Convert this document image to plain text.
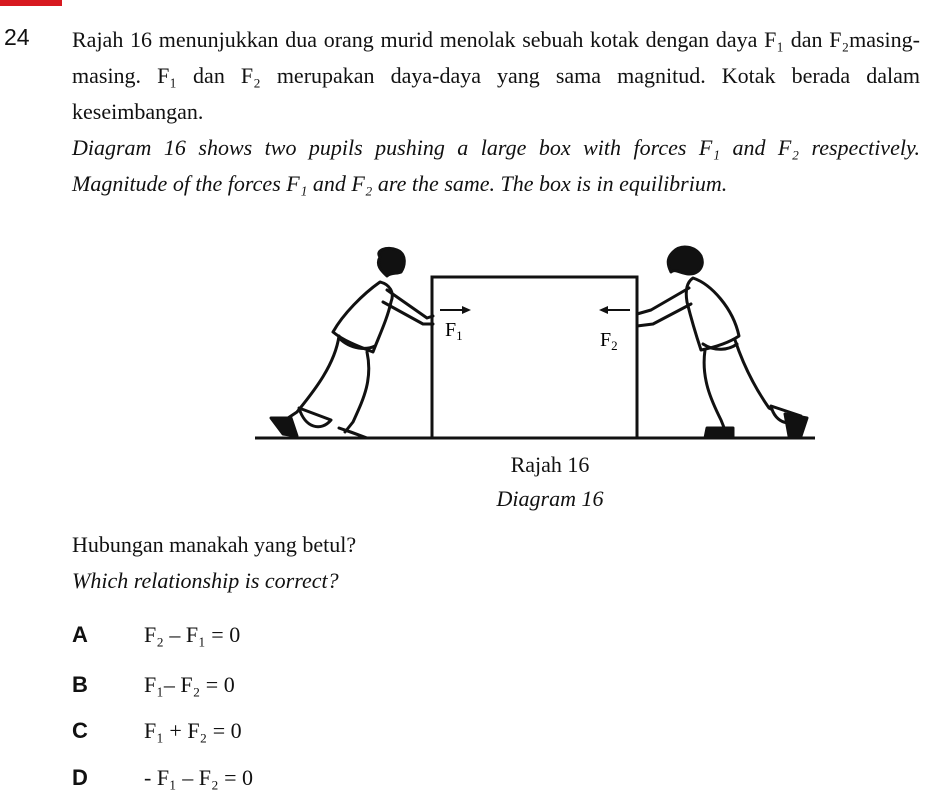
24 Rajah 16 menunjukkan dua orang murid menolak sebuah kotak dengan daya F₁ dan F₂masing-masing. F₁ dan F₂ merupakan daya-daya yang sama magnitud. Kotak berada dalam keseimbangan.
Diagram 16 shows two pupils pushing a large box with forces F₁ and F₂ respectively. Magnitude of the forces F₁ and F₂ are the same. The box is in equilibrium.
$F_1$	$F_2$
Rajah 16
Diagram 16
Hubungan manakah yang betul?
Which relationship is correct?
A	F₂ – F₁ = 0
B	F₁– F₂ = 0
C	F₁ + F₂ = 0
D	- F₁ – F₂ = 0
